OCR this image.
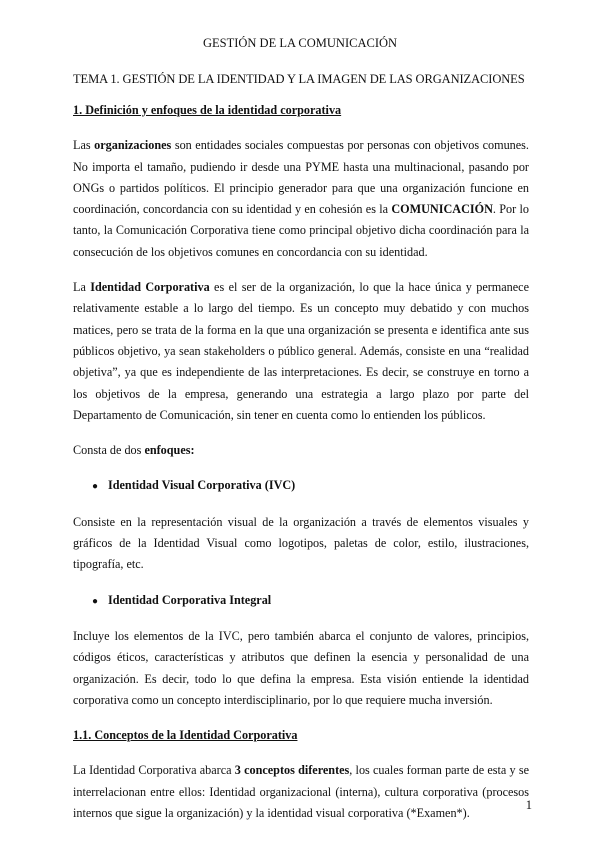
GESTIÓN DE LA COMUNICACIÓN
TEMA 1. GESTIÓN DE LA IDENTIDAD Y LA IMAGEN DE LAS ORGANIZACIONES

1. Definición y enfoques de la identidad corporativa

Las organizaciones son entidades sociales compuestas por personas con objetivos comunes. No importa el tamaño, pudiendo ir desde una PYME hasta una multinacional, pasando por ONGs o partidos políticos. El principio generador para que una organización funcione en coordinación, concordancia con su identidad y en cohesión es la COMUNICACIÓN. Por lo tanto, la Comunicación Corporativa tiene como principal objetivo dicha coordinación para la consecución de los objetivos comunes en concordancia con su identidad.

La Identidad Corporativa es el ser de la organización, lo que la hace única y permanece relativamente estable a lo largo del tiempo. Es un concepto muy debatido y con muchos matices, pero se trata de la forma en la que una organización se presenta e identifica ante sus públicos objetivo, ya sean stakeholders o público general. Además, consiste en una “realidad objetiva”, ya que es independiente de las interpretaciones. Es decir, se construye en torno a los objetivos de la empresa, generando una estrategia a largo plazo por parte del Departamento de Comunicación, sin tener en cuenta como lo entienden los públicos.

Consta de dos enfoques:

● Identidad Visual Corporativa (IVC)

Consiste en la representación visual de la organización a través de elementos visuales y gráficos de la Identidad Visual como logotipos, paletas de color, estilo, ilustraciones, tipografía, etc.

● Identidad Corporativa Integral

Incluye los elementos de la IVC, pero también abarca el conjunto de valores, principios, códigos éticos, características y atributos que definen la esencia y personalidad de una organización. Es decir, todo lo que defina la empresa. Esta visión entiende la identidad corporativa como un concepto interdisciplinario, por lo que requiere mucha inversión.

1.1. Conceptos de la Identidad Corporativa

La Identidad Corporativa abarca 3 conceptos diferentes, los cuales forman parte de esta y se interrelacionan entre ellos: Identidad organizacional (interna), cultura corporativa (procesos internos que sigue la organización) y la identidad visual corporativa (*Examen*).

1
